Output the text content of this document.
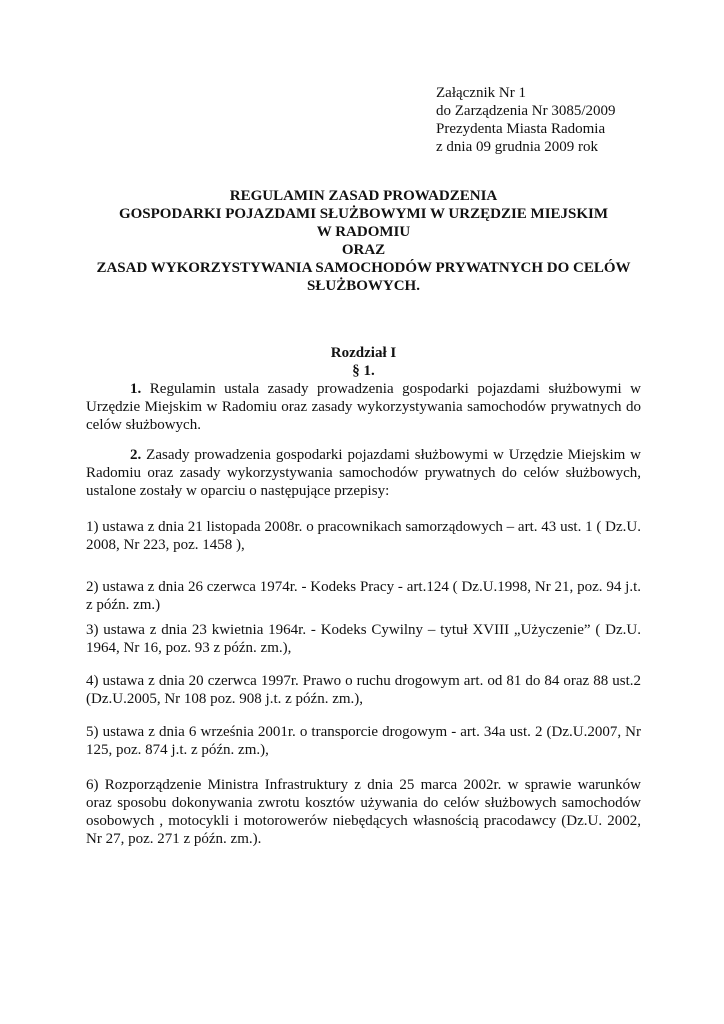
Załącznik Nr 1
do Zarządzenia Nr 3085/2009
Prezydenta Miasta Radomia
z dnia 09 grudnia 2009 rok
REGULAMIN ZASAD PROWADZENIA
GOSPODARKI POJAZDAMI SŁUŻBOWYMI W URZĘDZIE MIEJSKIM
W RADOMIU
ORAZ
ZASAD WYKORZYSTYWANIA SAMOCHODÓW PRYWATNYCH DO CELÓW
SŁUŻBOWYCH.
Rozdział I
§ 1.

1. Regulamin ustala zasady prowadzenia gospodarki pojazdami służbowymi w Urzędzie Miejskim w Radomiu oraz zasady wykorzystywania samochodów prywatnych do celów służbowych.

2. Zasady prowadzenia gospodarki pojazdami służbowymi w Urzędzie Miejskim w Radomiu oraz zasady wykorzystywania samochodów prywatnych do celów służbowych, ustalone zostały w oparciu o następujące przepisy:

1) ustawa z dnia 21 listopada 2008r. o pracownikach samorządowych – art. 43 ust. 1 ( Dz.U. 2008, Nr 223, poz. 1458 ),

2) ustawa z dnia 26 czerwca 1974r. - Kodeks Pracy - art.124 ( Dz.U.1998, Nr 21, poz. 94 j.t. z późn. zm.)

3) ustawa z dnia 23 kwietnia 1964r. - Kodeks Cywilny – tytuł XVIII „Użyczenie” ( Dz.U. 1964, Nr 16, poz. 93 z późn. zm.),

4) ustawa z dnia 20 czerwca 1997r. Prawo o ruchu drogowym art. od 81 do 84 oraz 88 ust.2 (Dz.U.2005, Nr 108 poz. 908 j.t. z późn. zm.),

5) ustawa z dnia 6 września 2001r. o transporcie drogowym - art. 34a ust. 2 (Dz.U.2007, Nr 125, poz. 874 j.t. z późn. zm.),

6) Rozporządzenie Ministra Infrastruktury z dnia 25 marca 2002r. w sprawie warunków oraz sposobu dokonywania zwrotu kosztów używania do celów służbowych samochodów osobowych , motocykli i motorowerów niebędących własnością pracodawcy (Dz.U. 2002, Nr 27, poz. 271 z późn. zm.).
